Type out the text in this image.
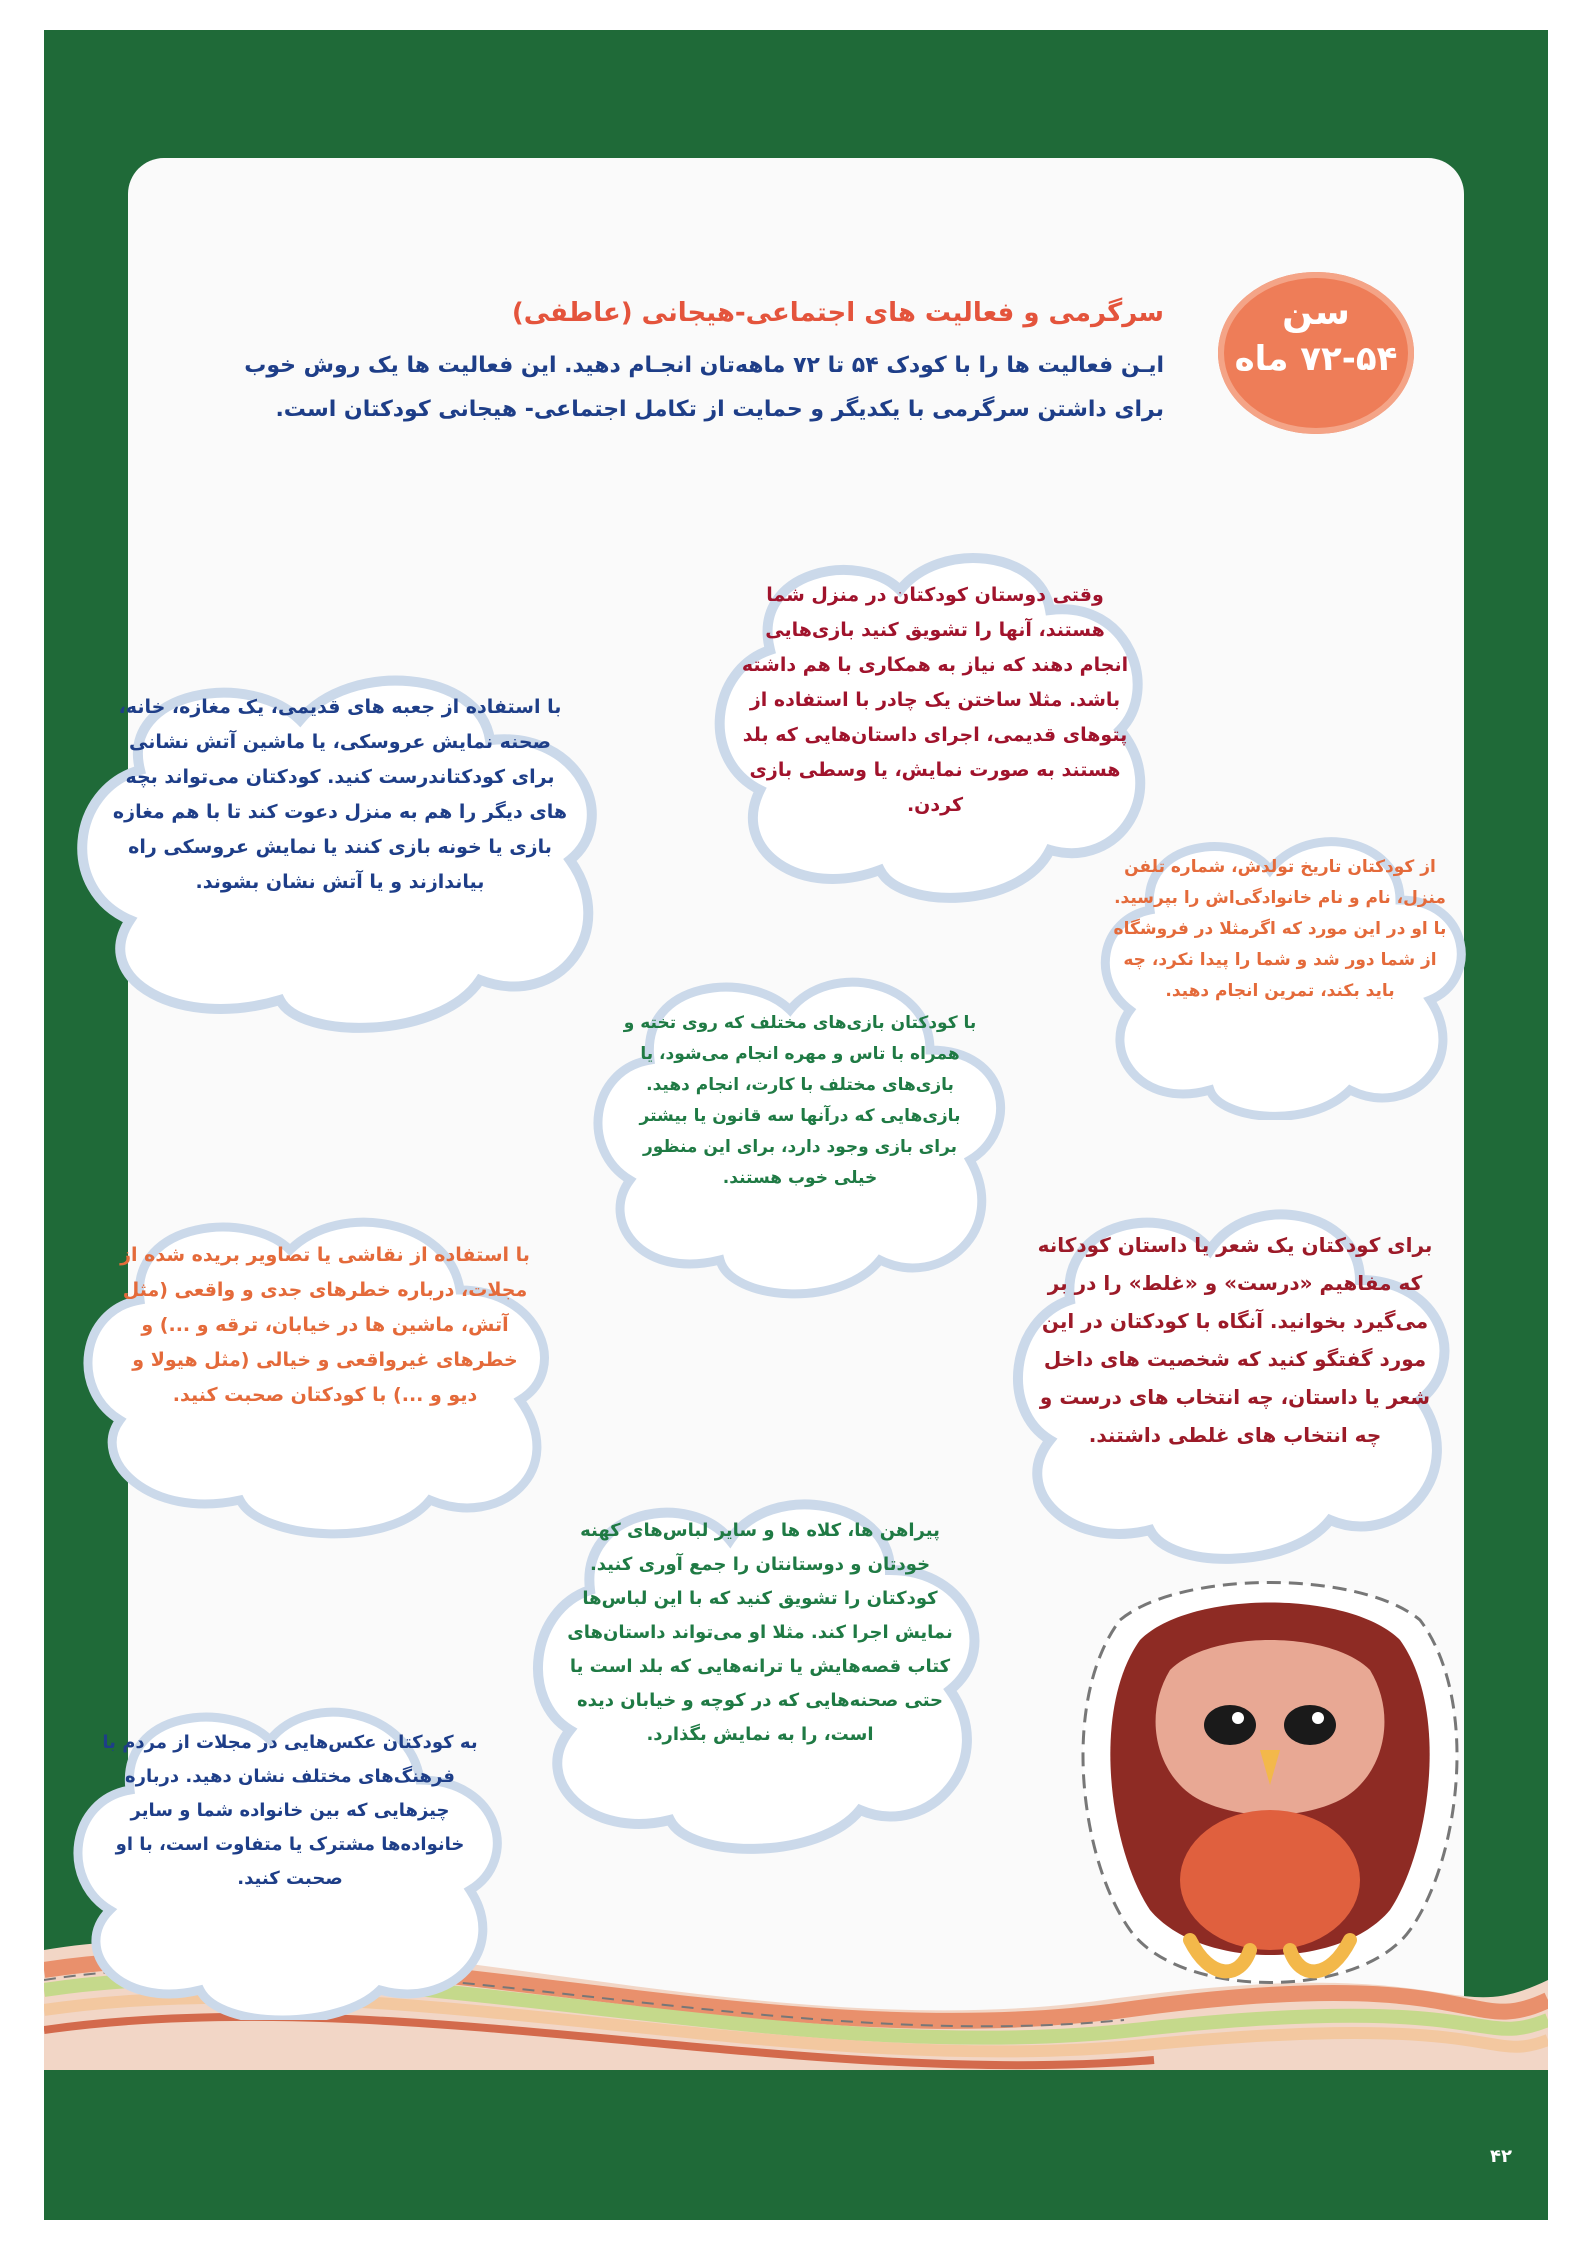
سن
۷۲-۵۴ ماه
سرگرمی و فعالیت های اجتماعی-هیجانی (عاطفی)
ایـن فعالیت ها را با کودک ۵۴ تا ۷۲ ماهه‌تان انجـام دهید. این فعالیت ها یک روش خوب برای داشتن سرگرمی با یکدیگر و حمایت از تکامل اجتماعی- هیجانی کودکتان است.
وقتی دوستان کودکتان در منزل شما هستند، آنها را تشویق کنید بازی‌هایی انجام دهند که نیاز به همکاری با هم داشته باشد. مثلا ساختن یک چادر با استفاده از پتوهای قدیمی، اجرای داستان‌هایی که بلد هستند به صورت نمایش، یا وسطی بازی کردن.
با استفاده از جعبه های قدیمی، یک مغازه، خانه، صحنه نمایش عروسکی، یا ماشین آتش نشانی برای کودکتاندرست کنید. کودکتان می‌تواند بچه های دیگر را هم به منزل دعوت کند تا با هم مغازه بازی یا خونه بازی کنند یا نمایش عروسکی راه بیاندازند و یا آتش نشان بشوند.
از کودکتان تاریخ تولدش، شماره تلفن منزل، نام و نام خانوادگی‌اش را بپرسید. با او در این مورد که اگرمثلا در فروشگاه از شما دور شد و شما را پیدا نکرد، چه باید بکند، تمرین انجام دهید.
با کودکتان بازی‌های مختلف که روی تخته و همراه با تاس و مهره انجام می‌شود، یا بازی‌های مختلف با کارت، انجام دهید. بازی‌هایی که درآنها سه قانون یا بیشتر برای بازی وجود دارد، برای این منظور خیلی خوب هستند.
با استفاده از نقاشی یا تصاویر بریده شده از مجلات، درباره خطرهای جدی و واقعی (مثل آتش، ماشین ها در خیابان، ترقه و ...) و خطرهای غیرواقعی و خیالی (مثل هیولا و دیو و ...) با کودکتان صحبت کنید.
برای کودکتان یک شعر یا داستان کودکانه که مفاهیم «درست» و «غلط» را در بر می‌گیرد بخوانید. آنگاه با کودکتان در این مورد گفتگو کنید که شخصیت های داخل شعر یا داستان، چه انتخاب های درست و چه انتخاب های غلطی داشتند.
پیراهن ها، کلاه ها و سایر لباس‌های کهنه خودتان و دوستانتان را جمع آوری کنید. کودکتان را تشویق کنید که با این لباس‌ها نمایش اجرا کند. مثلا او می‌تواند داستان‌های کتاب قصه‌هایش یا ترانه‌هایی که بلد است یا حتی صحنه‌هایی که در کوچه و خیابان دیده است، را به نمایش بگذارد.
به کودکتان عکس‌هایی در مجلات از مردم با فرهنگ‌های مختلف نشان دهید. درباره چیزهایی که بین خانواده شما و سایر خانواده‌ها مشترک یا متفاوت است، با او صحبت کنید.
۴۲
